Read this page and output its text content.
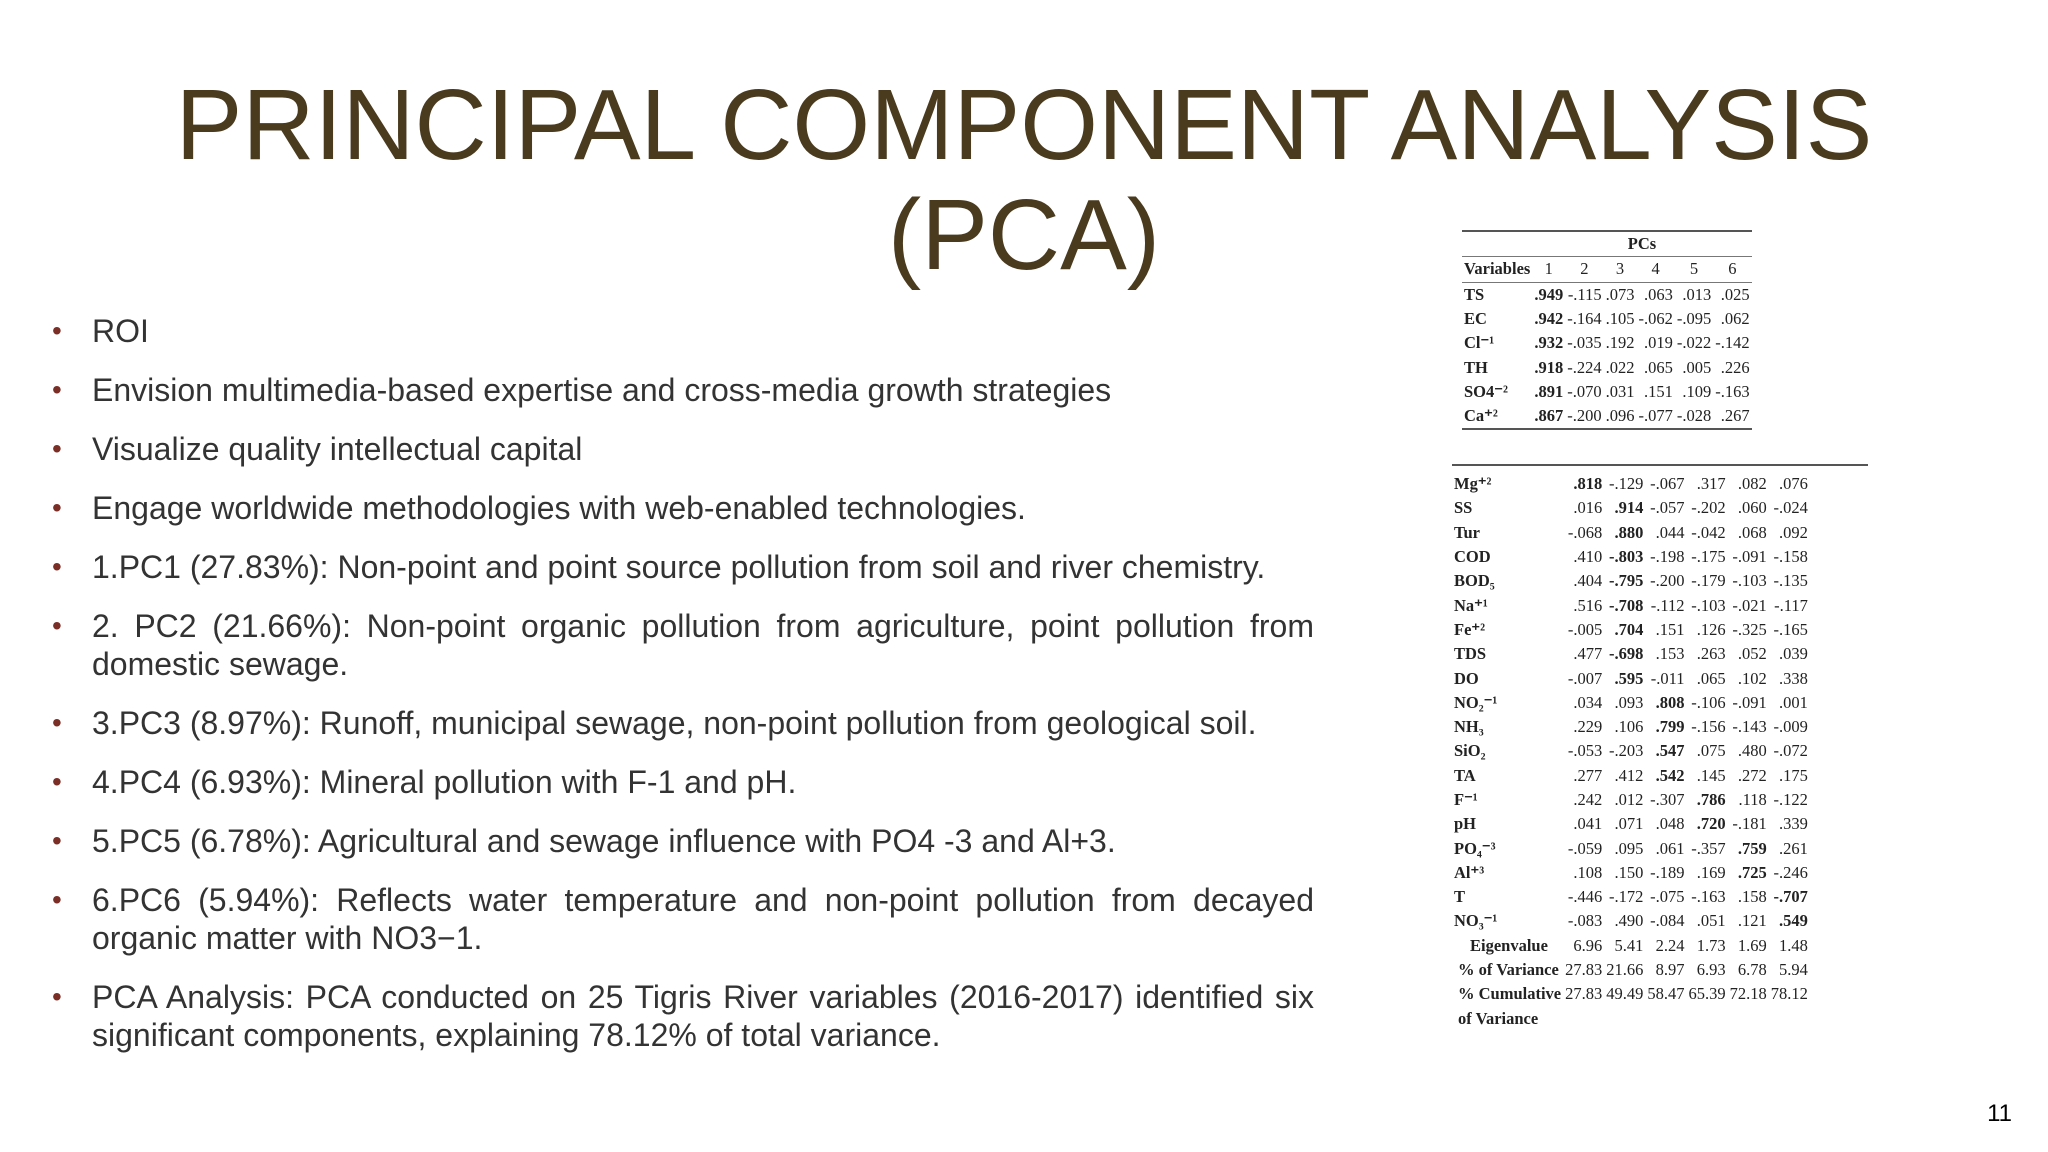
PRINCIPAL COMPONENT ANALYSIS
(PCA)
• ROI
• Envision multimedia-based expertise and cross-media growth strategies
• Visualize quality intellectual capital
• Engage worldwide methodologies with web-enabled technologies.
• 1.PC1 (27.83%): Non-point and point source pollution from soil and river chemistry.
• 2. PC2 (21.66%): Non-point organic pollution from agriculture, point pollution from domestic sewage.
• 3.PC3 (8.97%): Runoff, municipal sewage, non-point pollution from geological soil.
• 4.PC4 (6.93%): Mineral pollution with F-1 and pH.
• 5.PC5 (6.78%): Agricultural and sewage influence with PO4 -3 and Al+3.
• 6.PC6 (5.94%): Reflects water temperature and non-point pollution from decayed organic matter with NO3−1.
• PCA Analysis: PCA conducted on 25 Tigris River variables (2016-2017) identified six significant components, explaining 78.12% of total variance.
	PCs					
Variables	1	2	3	4	5	6
TS	.949	-.115	.073	.063	.013	.025
EC	.942	-.164	.105	-.062	-.095	.062
Cl⁻¹	.932	-.035	.192	.019	-.022	-.142
TH	.918	-.224	.022	.065	.005	.226
SO4⁻²	.891	-.070	.031	.151	.109	-.163
Ca⁺²	.867	-.200	.096	-.077	-.028	.267
Mg⁺²	.818	-.129	-.067	.317	.082	.076
SS	.016	.914	-.057	-.202	.060	-.024
Tur	-.068	.880	.044	-.042	.068	.092
COD	.410	-.803	-.198	-.175	-.091	-.158
BOD₅	.404	-.795	-.200	-.179	-.103	-.135
Na⁺¹	.516	-.708	-.112	-.103	-.021	-.117
Fe⁺²	-.005	.704	.151	.126	-.325	-.165
TDS	.477	-.698	.153	.263	.052	.039
DO	-.007	.595	-.011	.065	.102	.338
NO₂⁻¹	.034	.093	.808	-.106	-.091	.001
NH₃	.229	.106	.799	-.156	-.143	-.009
SiO₂	-.053	-.203	.547	.075	.480	-.072
TA	.277	.412	.542	.145	.272	.175
F⁻¹	.242	.012	-.307	.786	.118	-.122
pH	.041	.071	.048	.720	-.181	.339
PO₄⁻³	-.059	.095	.061	-.357	.759	.261
Al⁺³	.108	.150	-.189	.169	.725	-.246
T	-.446	-.172	-.075	-.163	.158	-.707
NO₃⁻¹	-.083	.490	-.084	.051	.121	.549
Eigenvalue	6.96	5.41	2.24	1.73	1.69	1.48
% of Variance	27.83	21.66	8.97	6.93	6.78	5.94
% Cumulative	27.83	49.49	58.47	65.39	72.18	78.12
of Variance						
11
